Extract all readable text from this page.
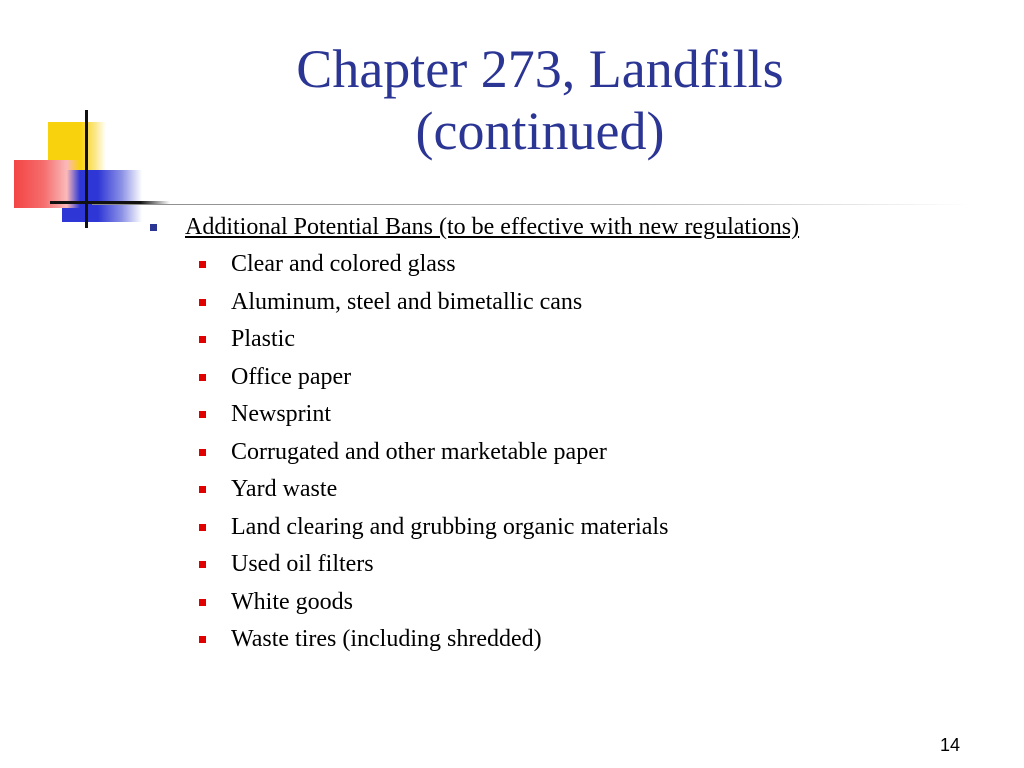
Chapter 273, Landfills
(continued)
Additional Potential Bans (to be effective with new regulations)
Clear and colored glass
Aluminum, steel and bimetallic cans
Plastic
Office paper
Newsprint
Corrugated and other marketable paper
Yard waste
Land clearing and grubbing organic materials
Used oil filters
White goods
Waste tires (including shredded)
14
